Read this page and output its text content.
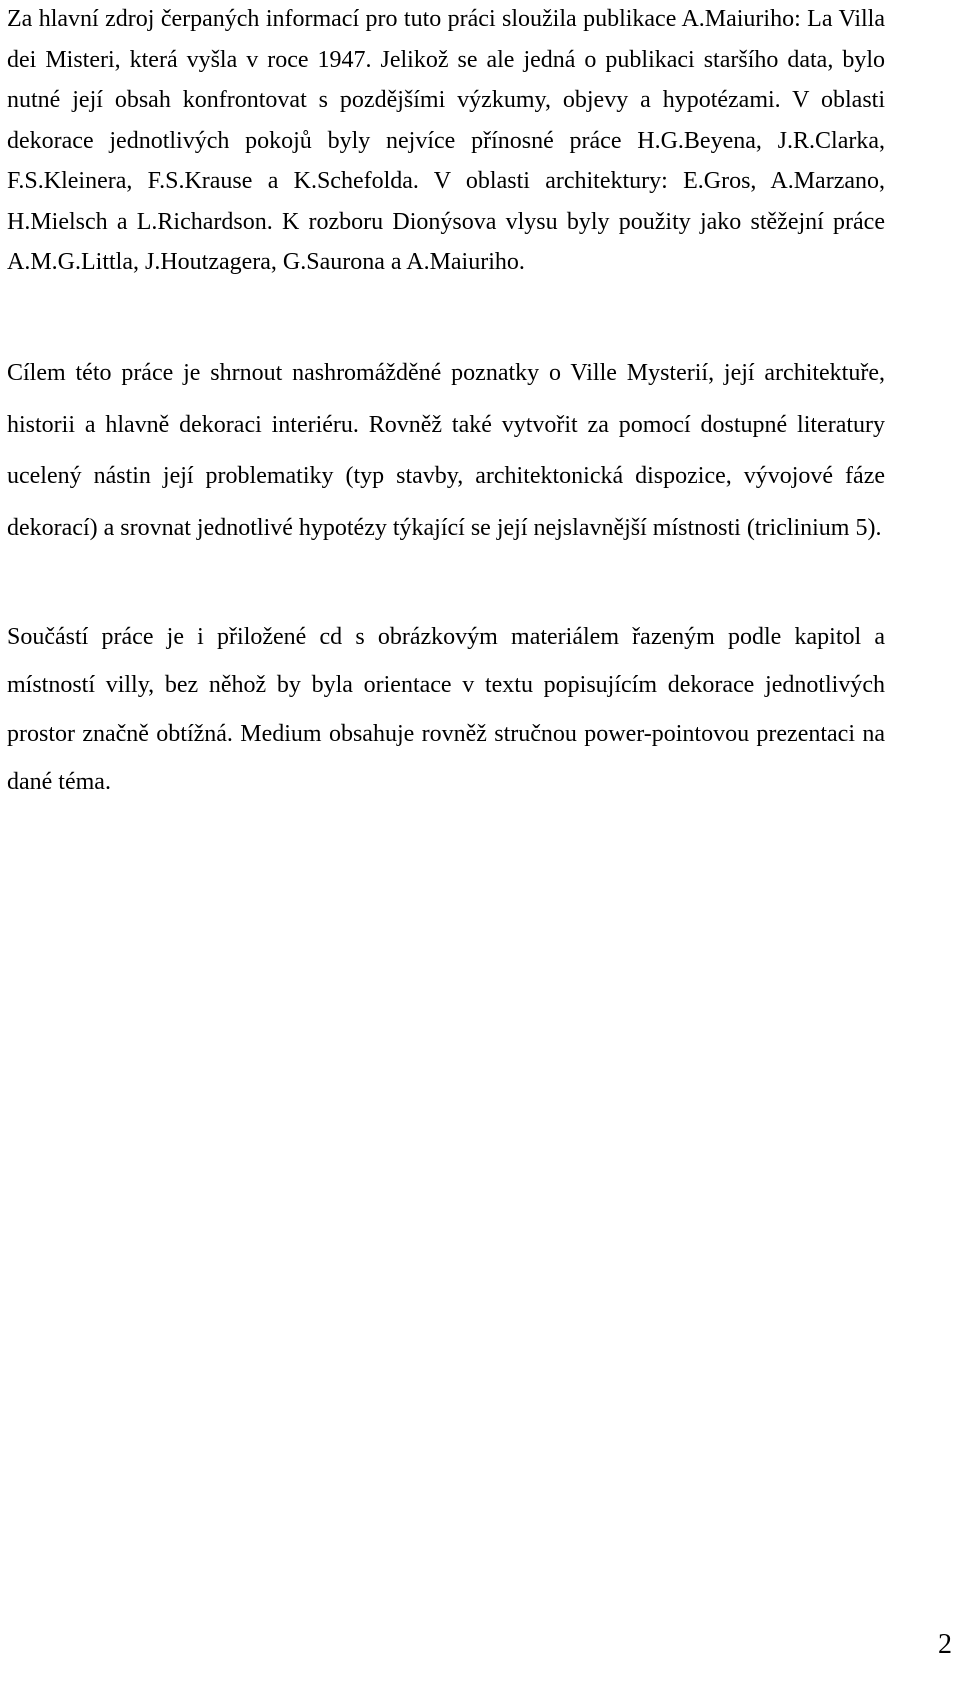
Za hlavní zdroj čerpaných informací pro tuto práci sloužila publikace A.Maiuriho: La Villa dei Misteri, která vyšla v roce 1947. Jelikož se ale jedná o publikaci staršího data, bylo nutné její obsah konfrontovat s pozdějšími výzkumy, objevy a hypotézami. V oblasti dekorace jednotlivých pokojů byly nejvíce přínosné práce H.G.Beyena, J.R.Clarka, F.S.Kleinera, F.S.Krause a K.Schefolda. V oblasti architektury: E.Gros, A.Marzano, H.Mielsch a L.Richardson. K rozboru Dionýsova vlysu byly použity jako stěžejní práce A.M.G.Littla, J.Houtzagera, G.Saurona a A.Maiuriho.

Cílem této práce je shrnout nashromážděné poznatky o Ville Mysterií, její architektuře, historii a hlavně dekoraci interiéru. Rovněž také vytvořit za pomocí dostupné literatury ucelený nástin její problematiky (typ stavby, architektonická dispozice, vývojové fáze dekorací) a srovnat jednotlivé hypotézy týkající se její nejslavnější místnosti (triclinium 5).

Součástí práce je i přiložené cd s obrázkovým materiálem řazeným podle kapitol a místností villy, bez něhož by byla orientace v textu popisujícím dekorace jednotlivých prostor značně obtížná. Medium obsahuje rovněž stručnou power-pointovou prezentaci na dané téma.

2
